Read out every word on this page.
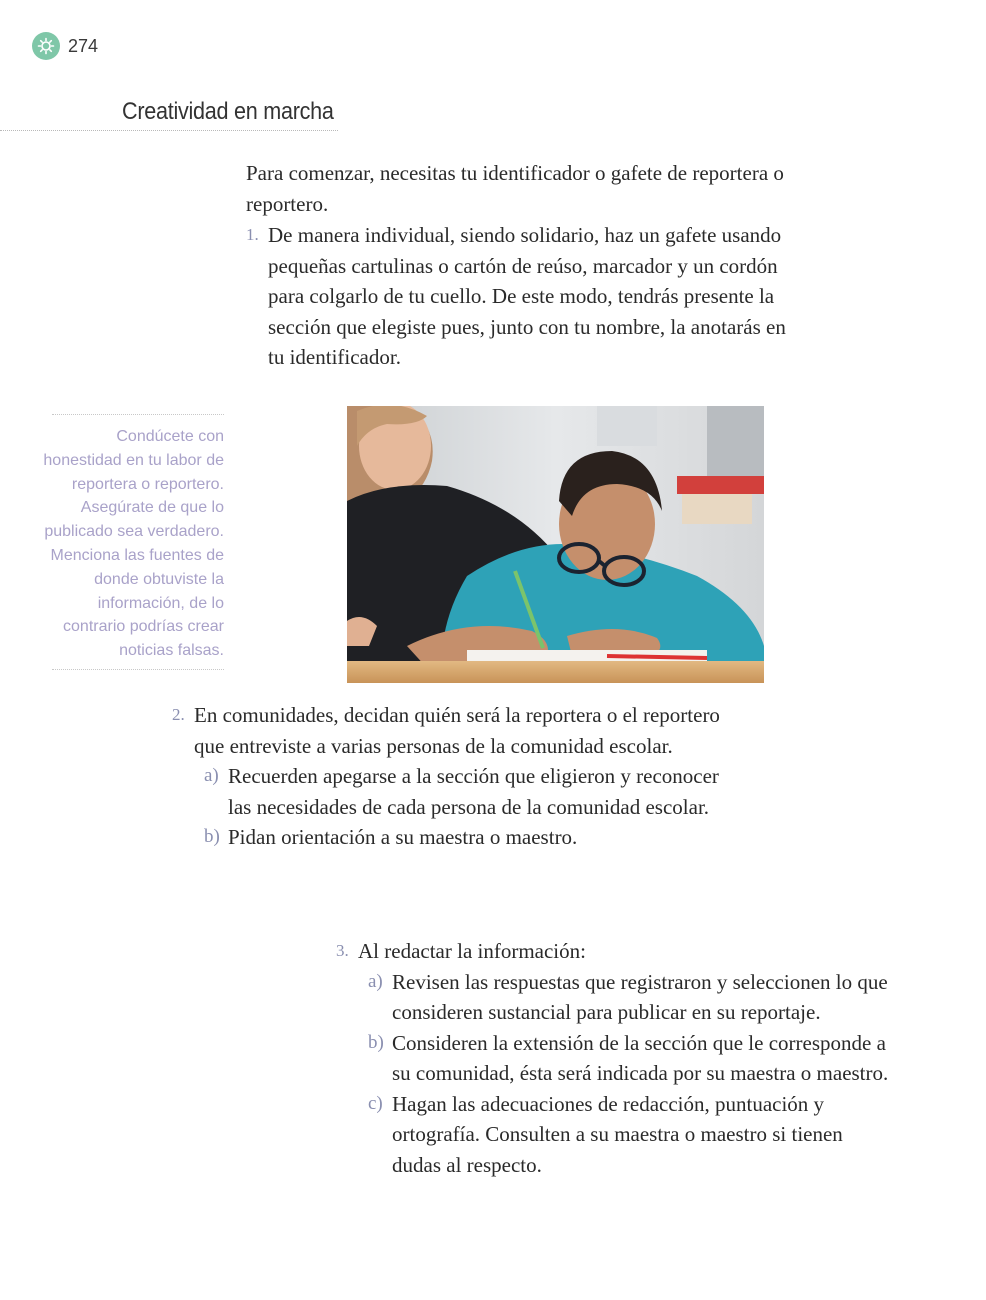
274
Creatividad en marcha
Para comenzar, necesitas tu identificador o gafete de reportera o reportero.
1. De manera individual, siendo solidario, haz un gafete usando pequeñas cartulinas o cartón de reúso, marcador y un cordón para colgarlo de tu cuello. De este modo, tendrás presente la sección que elegiste pues, junto con tu nombre, la anotarás en tu identificador.
Condúcete con honestidad en tu labor de reportera o reportero. Asegúrate de que lo publicado sea verdadero. Menciona las fuentes de donde obtuviste la información, de lo contrario podrías crear noticias falsas.
2. En comunidades, decidan quién será la reportera o el reportero que entreviste a varias personas de la comunidad escolar.
a) Recuerden apegarse a la sección que eligieron y reconocer las necesidades de cada persona de la comunidad escolar.
b) Pidan orientación a su maestra o maestro.
3. Al redactar la información:
a) Revisen las respuestas que registraron y seleccionen lo que consideren sustancial para publicar en su reportaje.
b) Consideren la extensión de la sección que le corresponde a su comunidad, ésta será indicada por su maestra o maestro.
c) Hagan las adecuaciones de redacción, puntuación y ortografía. Consulten a su maestra o maestro si tienen dudas al respecto.
